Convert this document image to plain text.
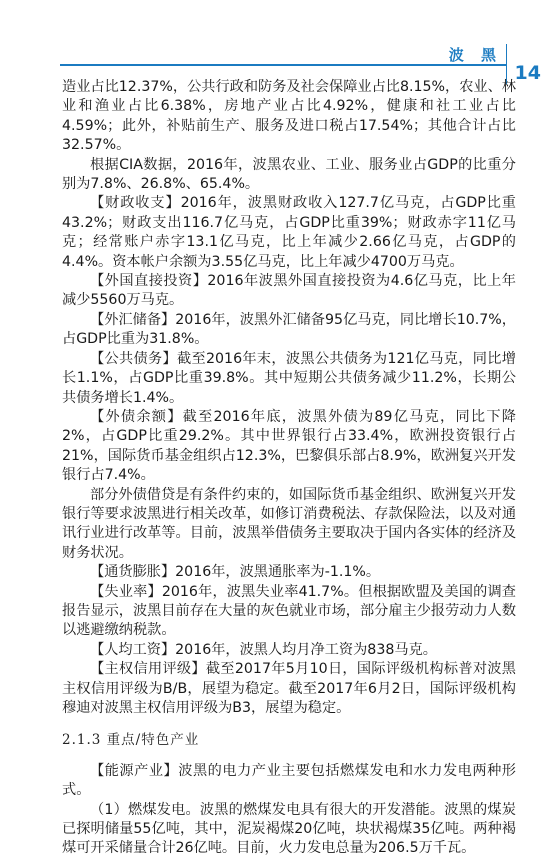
波 黑
14

造业占比12.37%，公共行政和防务及社会保障业占比8.15%，农业、林业和渔业占比6.38%，房地产业占比4.92%，健康和社工业占比4.59%；此外，补贴前生产、服务及进口税占17.54%；其他合计占比32.57%。

根据CIA数据，2016年，波黑农业、工业、服务业占GDP的比重分别为7.8%、26.8%、65.4%。

【财政收支】2016年，波黑财政收入127.7亿马克，占GDP比重43.2%；财政支出116.7亿马克，占GDP比重39%；财政赤字11亿马克；经常账户赤字13.1亿马克，比上年减少2.66亿马克，占GDP的4.4%。资本帐户余额为3.55亿马克，比上年减少4700万马克。

【外国直接投资】2016年波黑外国直接投资为4.6亿马克，比上年减少5560万马克。

【外汇储备】2016年，波黑外汇储备95亿马克，同比增长10.7%，占GDP比重为31.8%。

【公共债务】截至2016年末，波黑公共债务为121亿马克，同比增长1.1%，占GDP比重39.8%。其中短期公共债务减少11.2%，长期公共债务增长1.4%。

【外债余额】截至2016年底，波黑外债为89亿马克，同比下降2%，占GDP比重29.2%。其中世界银行占33.4%，欧洲投资银行占21%，国际货币基金组织占12.3%，巴黎俱乐部占8.9%，欧洲复兴开发银行占7.4%。

部分外债借贷是有条件约束的，如国际货币基金组织、欧洲复兴开发银行等要求波黑进行相关改革，如修订消费税法、存款保险法，以及对通讯行业进行改革等。目前，波黑举借债务主要取决于国内各实体的经济及财务状况。

【通货膨胀】2016年，波黑通胀率为-1.1%。

【失业率】2016年，波黑失业率41.7%。但根据欧盟及美国的调查报告显示，波黑目前存在大量的灰色就业市场，部分雇主少报劳动力人数以逃避缴纳税款。

【人均工资】2016年，波黑人均月净工资为838马克。

【主权信用评级】截至2017年5月10日，国际评级机构标普对波黑主权信用评级为B/B，展望为稳定。截至2017年6月2日，国际评级机构穆迪对波黑主权信用评级为B3，展望为稳定。

2.1.3 重点/特色产业

【能源产业】波黑的电力产业主要包括燃煤发电和水力发电两种形式。

（1）燃煤发电。波黑的燃煤发电具有很大的开发潜能。波黑的煤炭已探明储量55亿吨，其中，泥炭褐煤20亿吨，块状褐煤35亿吨。两种褐煤可开采储量合计26亿吨。目前，火力发电总量为206.5万千瓦。
